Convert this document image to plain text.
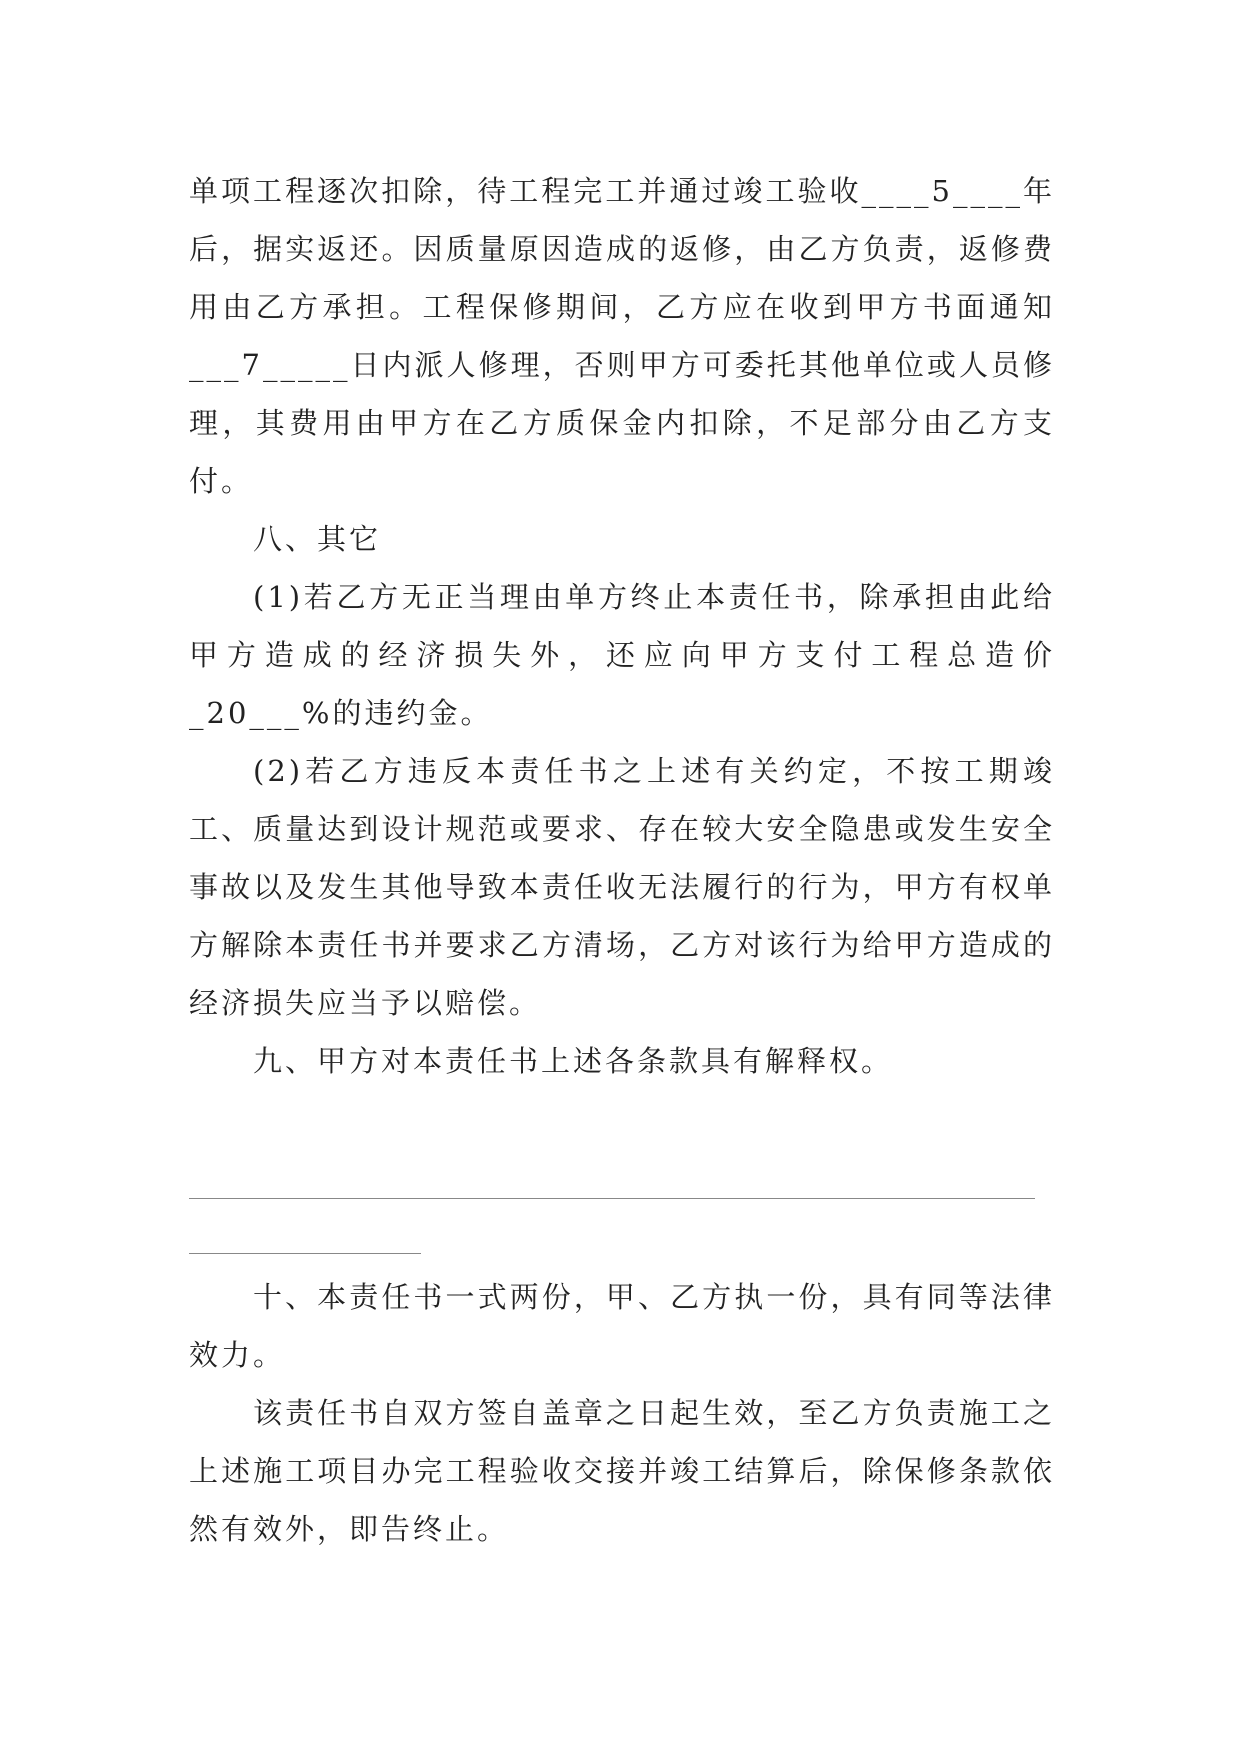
单项工程逐次扣除，待工程完工并通过竣工验收____5____年后，据实返还。因质量原因造成的返修，由乙方负责，返修费用由乙方承担。工程保修期间，乙方应在收到甲方书面通知___7_____日内派人修理，否则甲方可委托其他单位或人员修理，其费用由甲方在乙方质保金内扣除，不足部分由乙方支付。

八、其它

(1)若乙方无正当理由单方终止本责任书，除承担由此给甲方造成的经济损失外，还应向甲方支付工程总造价_20___%的违约金。

(2)若乙方违反本责任书之上述有关约定，不按工期竣工、质量达到设计规范或要求、存在较大安全隐患或发生安全事故以及发生其他导致本责任收无法履行的行为，甲方有权单方解除本责任书并要求乙方清场，乙方对该行为给甲方造成的经济损失应当予以赔偿。

九、甲方对本责任书上述各条款具有解释权。

十、本责任书一式两份，甲、乙方执一份，具有同等法律效力。

该责任书自双方签自盖章之日起生效，至乙方负责施工之上述施工项目办完工程验收交接并竣工结算后，除保修条款依然有效外，即告终止。
